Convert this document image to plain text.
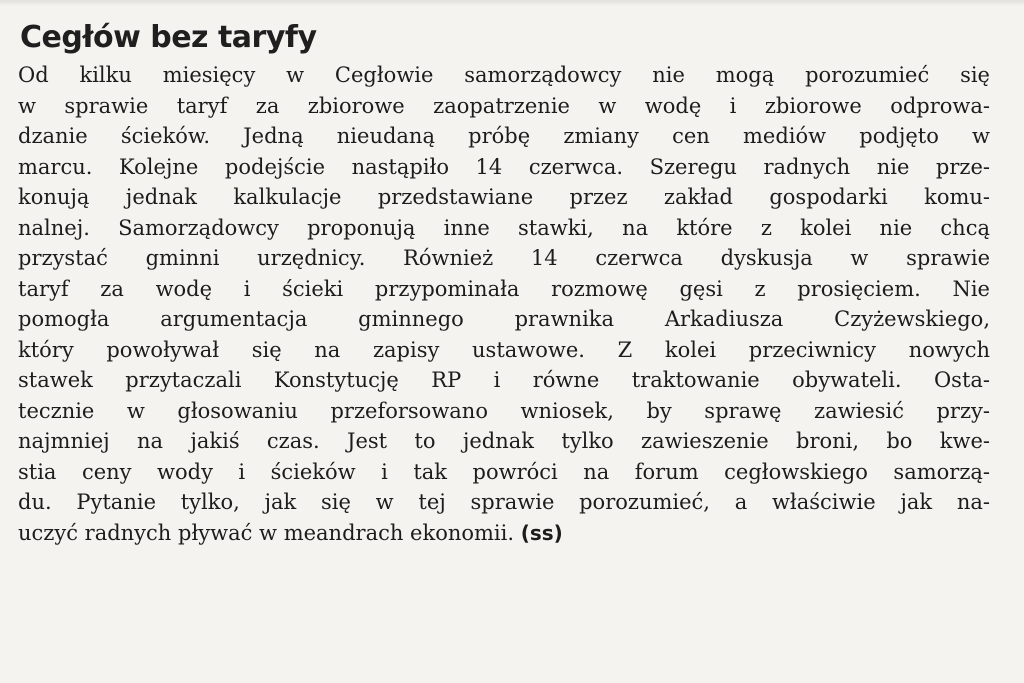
Cegłów bez taryfy

Od kilku miesięcy w Cegłowie samorządowcy nie mogą porozumieć się
w sprawie taryf za zbiorowe zaopatrzenie w wodę i zbiorowe odprowa-
dzanie ścieków. Jedną nieudaną próbę zmiany cen mediów podjęto w
marcu. Kolejne podejście nastąpiło 14 czerwca. Szeregu radnych nie prze-
konują jednak kalkulacje przedstawiane przez zakład gospodarki komu-
nalnej. Samorządowcy proponują inne stawki, na które z kolei nie chcą
przystać gminni urzędnicy. Również 14 czerwca dyskusja w sprawie
taryf za wodę i ścieki przypominała rozmowę gęsi z prosięciem. Nie
pomogła argumentacja gminnego prawnika Arkadiusza Czyżewskiego,
który powoływał się na zapisy ustawowe. Z kolei przeciwnicy nowych
stawek przytaczali Konstytucję RP i równe traktowanie obywateli. Osta-
tecznie w głosowaniu przeforsowano wniosek, by sprawę zawiesić przy-
najmniej na jakiś czas. Jest to jednak tylko zawieszenie broni, bo kwe-
stia ceny wody i ścieków i tak powróci na forum cegłowskiego samorzą-
du. Pytanie tylko, jak się w tej sprawie porozumieć, a właściwie jak na-
uczyć radnych pływać w meandrach ekonomii. (ss)
